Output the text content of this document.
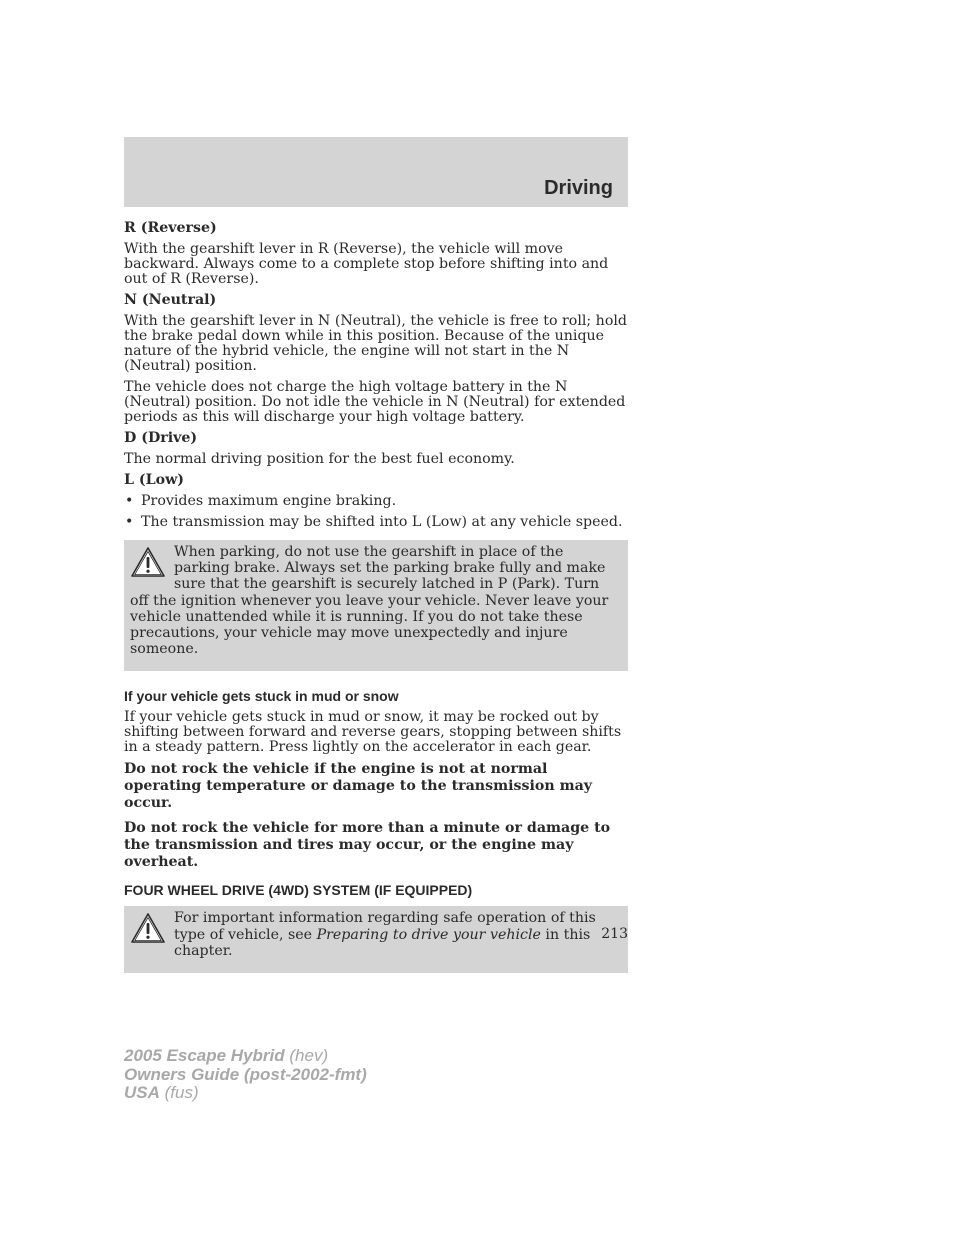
Driving

R (Reverse)

With the gearshift lever in R (Reverse), the vehicle will move backward. Always come to a complete stop before shifting into and out of R (Reverse).

N (Neutral)

With the gearshift lever in N (Neutral), the vehicle is free to roll; hold the brake pedal down while in this position. Because of the unique nature of the hybrid vehicle, the engine will not start in the N (Neutral) position.

The vehicle does not charge the high voltage battery in the N (Neutral) position. Do not idle the vehicle in N (Neutral) for extended periods as this will discharge your high voltage battery.

D (Drive)

The normal driving position for the best fuel economy.

L (Low)

• Provides maximum engine braking.
• The transmission may be shifted into L (Low) at any vehicle speed.

When parking, do not use the gearshift in place of the parking brake. Always set the parking brake fully and make sure that the gearshift is securely latched in P (Park). Turn off the ignition whenever you leave your vehicle. Never leave your vehicle unattended while it is running. If you do not take these precautions, your vehicle may move unexpectedly and injure someone.

If your vehicle gets stuck in mud or snow

If your vehicle gets stuck in mud or snow, it may be rocked out by shifting between forward and reverse gears, stopping between shifts in a steady pattern. Press lightly on the accelerator in each gear.

Do not rock the vehicle if the engine is not at normal operating temperature or damage to the transmission may occur.

Do not rock the vehicle for more than a minute or damage to the transmission and tires may occur, or the engine may overheat.

FOUR WHEEL DRIVE (4WD) SYSTEM (IF EQUIPPED)

For important information regarding safe operation of this type of vehicle, see Preparing to drive your vehicle in this chapter.

213
2005 Escape Hybrid (hev)
Owners Guide (post-2002-fmt)
USA (fus)
